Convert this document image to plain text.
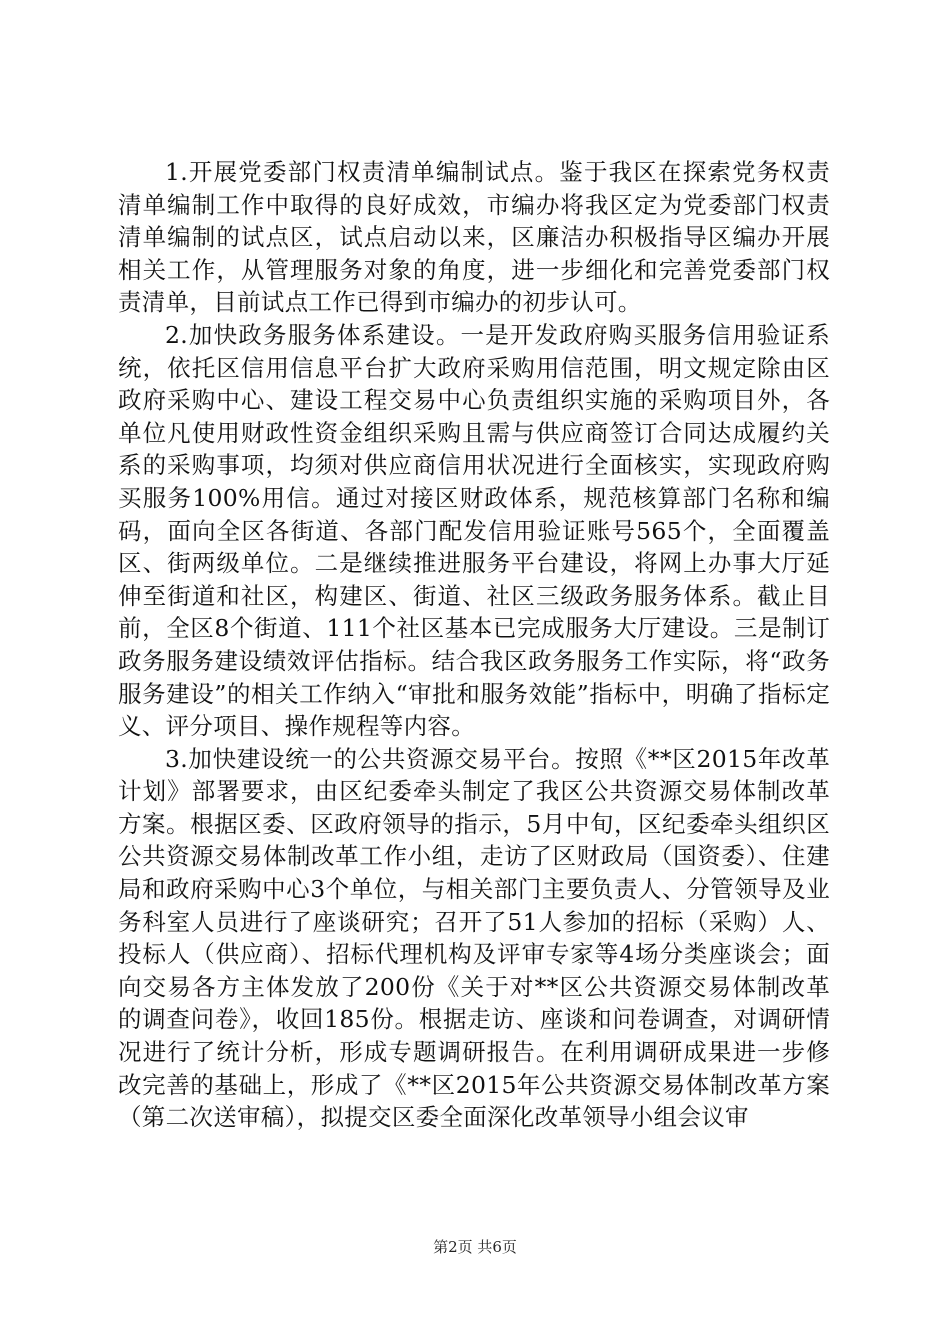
1.开展党委部门权责清单编制试点。鉴于我区在探索党务权责清单编制工作中取得的良好成效，市编办将我区定为党委部门权责清单编制的试点区，试点启动以来，区廉洁办积极指导区编办开展相关工作，从管理服务对象的角度，进一步细化和完善党委部门权责清单，目前试点工作已得到市编办的初步认可。

2.加快政务服务体系建设。一是开发政府购买服务信用验证系统，依托区信用信息平台扩大政府采购用信范围，明文规定除由区政府采购中心、建设工程交易中心负责组织实施的采购项目外，各单位凡使用财政性资金组织采购且需与供应商签订合同达成履约关系的采购事项，均须对供应商信用状况进行全面核实，实现政府购买服务100%用信。通过对接区财政体系，规范核算部门名称和编码，面向全区各街道、各部门配发信用验证账号565个，全面覆盖区、街两级单位。二是继续推进服务平台建设，将网上办事大厅延伸至街道和社区，构建区、街道、社区三级政务服务体系。截止目前，全区8个街道、111个社区基本已完成服务大厅建设。三是制订政务服务建设绩效评估指标。结合我区政务服务工作实际，将“政务服务建设”的相关工作纳入“审批和服务效能”指标中，明确了指标定义、评分项目、操作规程等内容。

3.加快建设统一的公共资源交易平台。按照《**区2015年改革计划》部署要求，由区纪委牵头制定了我区公共资源交易体制改革方案。根据区委、区政府领导的指示，5月中旬，区纪委牵头组织区公共资源交易体制改革工作小组，走访了区财政局（国资委）、住建局和政府采购中心3个单位，与相关部门主要负责人、分管领导及业务科室人员进行了座谈研究；召开了51人参加的招标（采购）人、投标人（供应商）、招标代理机构及评审专家等4场分类座谈会；面向交易各方主体发放了200份《关于对**区公共资源交易体制改革的调查问卷》，收回185份。根据走访、座谈和问卷调查，对调研情况进行了统计分析，形成专题调研报告。在利用调研成果进一步修改完善的基础上，形成了《**区2015年公共资源交易体制改革方案（第二次送审稿），拟提交区委全面深化改革领导小组会议审

第2页 共6页
